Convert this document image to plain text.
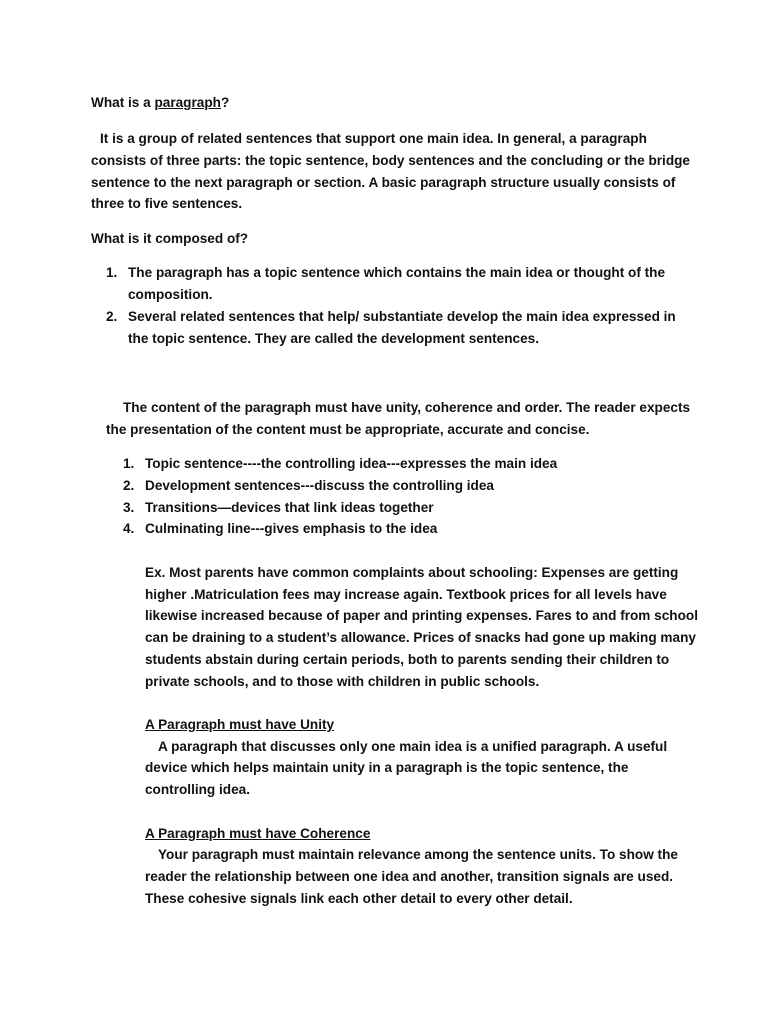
What is a paragraph?
It is a group of related sentences that support one main idea. In general, a paragraph
consists of three parts: the topic sentence, body sentences and the concluding or the bridge
sentence to the next paragraph or section. A basic paragraph structure usually consists of
three to five sentences.
What is it composed of?
1. The paragraph has a topic sentence which contains the main idea or thought of the
composition.
2. Several related sentences that help/ substantiate develop the main idea expressed in
the topic sentence. They are called the development sentences.
The content of the paragraph must have unity, coherence and order. The reader expects
the presentation of the content must be appropriate, accurate and concise.
1. Topic sentence----the controlling idea---expresses the main idea
2. Development sentences---discuss the controlling idea
3. Transitions—devices that link ideas together
4. Culminating line---gives emphasis to the idea
Ex. Most parents have common complaints about schooling: Expenses are getting
higher .Matriculation fees may increase again. Textbook prices for all levels have
likewise increased because of paper and printing expenses. Fares to and from school
can be draining to a student’s allowance. Prices of snacks had gone up making many
students abstain during certain periods, both to parents sending their children to
private schools, and to those with children in public schools.
A Paragraph must have Unity
A paragraph that discusses only one main idea is a unified paragraph. A useful
device which helps maintain unity in a paragraph is the topic sentence, the
controlling idea.
A Paragraph must have Coherence
Your paragraph must maintain relevance among the sentence units. To show the
reader the relationship between one idea and another, transition signals are used.
These cohesive signals link each other detail to every other detail.
